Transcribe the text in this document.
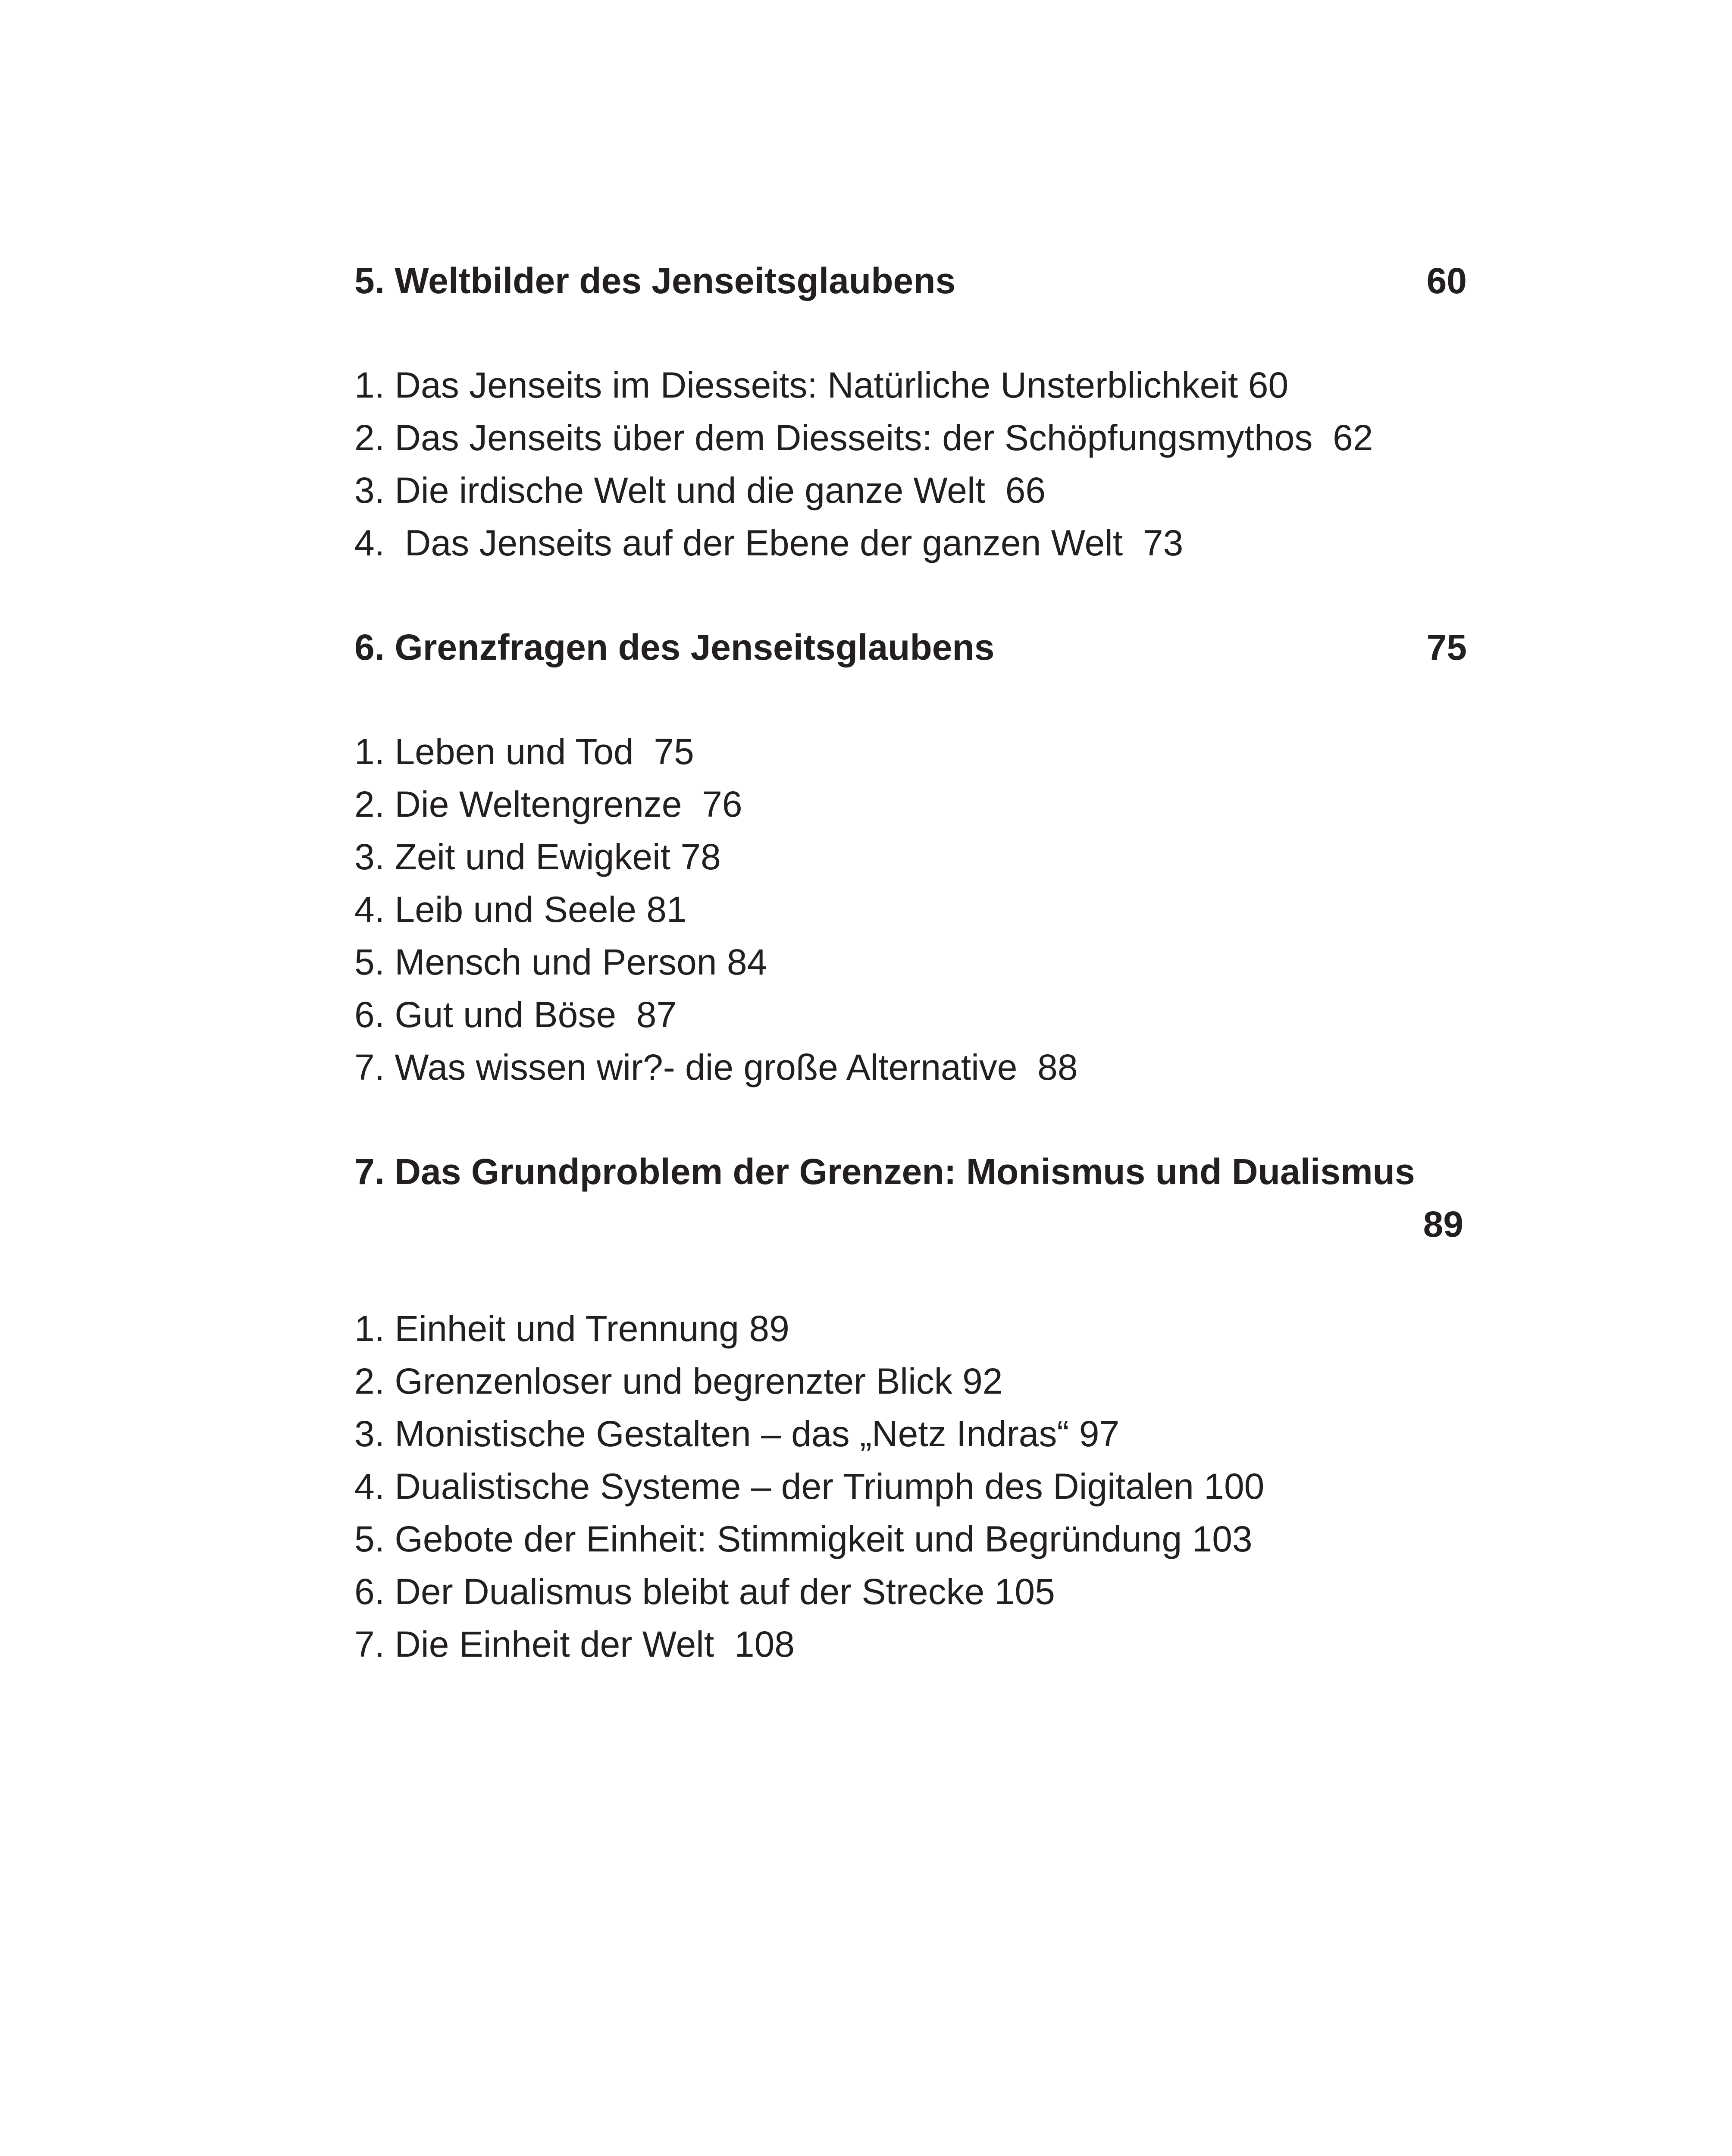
5. Weltbilder des Jenseitsglaubens	60
1. Das Jenseits im Diesseits: Natürliche Unsterblichkeit 60
2. Das Jenseits über dem Diesseits: der Schöpfungsmythos  62
3. Die irdische Welt und die ganze Welt  66
4.  Das Jenseits auf der Ebene der ganzen Welt  73
6. Grenzfragen des Jenseitsglaubens	75
1. Leben und Tod  75
2. Die Weltengrenze  76
3. Zeit und Ewigkeit 78
4. Leib und Seele 81
5. Mensch und Person 84
6. Gut und Böse  87
7. Was wissen wir?- die große Alternative  88
7. Das Grundproblem der Grenzen: Monismus und Dualismus
89
1. Einheit und Trennung 89
2. Grenzenloser und begrenzter Blick 92
3. Monistische Gestalten – das „Netz Indras“ 97
4. Dualistische Systeme – der Triumph des Digitalen 100
5. Gebote der Einheit: Stimmigkeit und Begründung 103
6. Der Dualismus bleibt auf der Strecke 105
7. Die Einheit der Welt  108
